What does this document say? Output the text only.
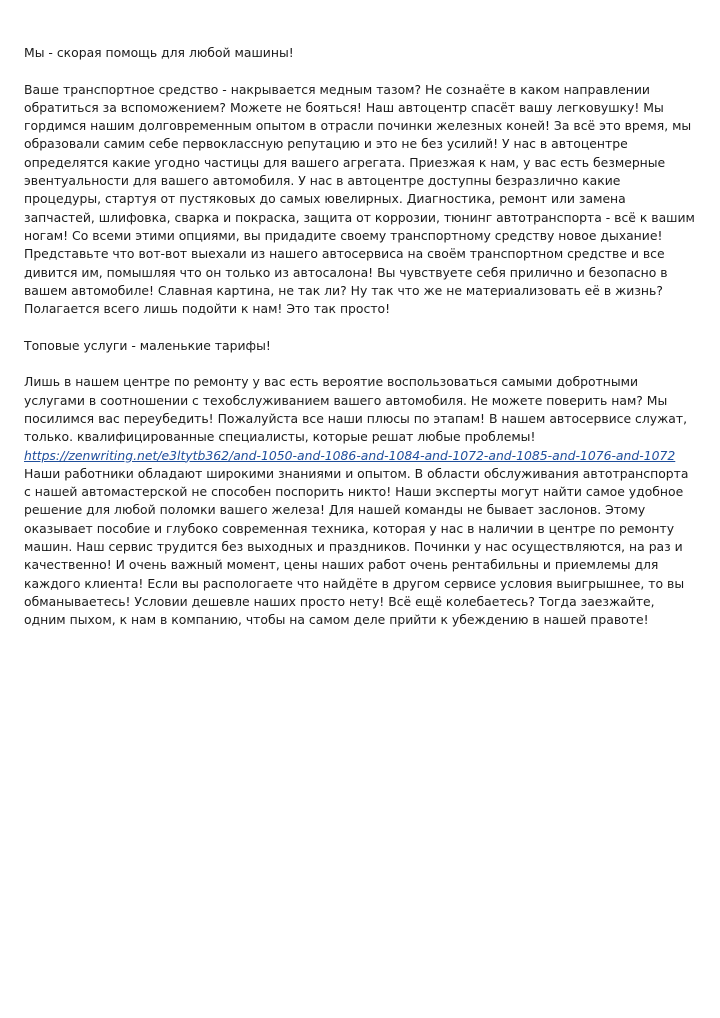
Мы - скорая помощь для любой машины!

Ваше транспортное средство - накрывается медным тазом? Не сознаёте в каком направлении обратиться за вспоможением? Можете не бояться! Наш автоцентр спасёт вашу легковушку! Мы гордимся нашим долговременным опытом в отрасли починки железных коней! За всё это время, мы образовали самим себе первоклассную репутацию и это не без усилий! У нас в автоцентре определятся какие угодно частицы для вашего агрегата. Приезжая к нам, у вас есть безмерные эвентуальности для вашего автомобиля. У нас в автоцентре доступны безразлично какие процедуры, стартуя от пустяковых до самых ювелирных. Диагностика, ремонт или замена запчастей, шлифовка, сварка и покраска, защита от коррозии, тюнинг автотранспорта - всё к вашим ногам! Со всеми этими опциями, вы придадите своему транспортному средству новое дыхание! Представьте что вот-вот выехали из нашего автосервиса на своём транспортном средстве и все дивится им, помышляя что он только из автосалона! Вы чувствуете себя прилично и безопасно в вашем автомобиле! Славная картина, не так ли? Ну так что же не материализовать её в жизнь? Полагается всего лишь подойти к нам! Это так просто!

Топовые услуги - маленькие тарифы!

Лишь в нашем центре по ремонту у вас есть вероятие воспользоваться самыми добротными услугами в соотношении с техобслуживанием вашего автомобиля. Не можете поверить нам? Мы посилимся вас переубедить! Пожалуйста все наши плюсы по этапам! В нашем автосервисе служат, только. квалифицированные специалисты, которые решат любые проблемы! https://zenwriting.net/e3ltytb362/and-1050-and-1086-and-1084-and-1072-and-1085-and-1076-and-1072 Наши работники обладают широкими знаниями и опытом. В области обслуживания автотранспорта с нашей автомастерской не способен поспорить никто! Наши эксперты могут найти самое удобное решение для любой поломки вашего железа! Для нашей команды не бывает заслонов. Этому оказывает пособие и глубоко современная техника, которая у нас в наличии в центре по ремонту машин. Наш сервис трудится без выходных и праздников. Починки у нас осуществляются, на раз и качественно! И очень важный момент, цены наших работ очень рентабильны и приемлемы для каждого клиента! Если вы распологаете что найдёте в другом сервисе условия выигрышнее, то вы обманываетесь! Условии дешевле наших просто нету! Всё ещё колебаетесь? Тогда заезжайте, одним пыхом, к нам в компанию, чтобы на самом деле прийти к убеждению в нашей правоте!
